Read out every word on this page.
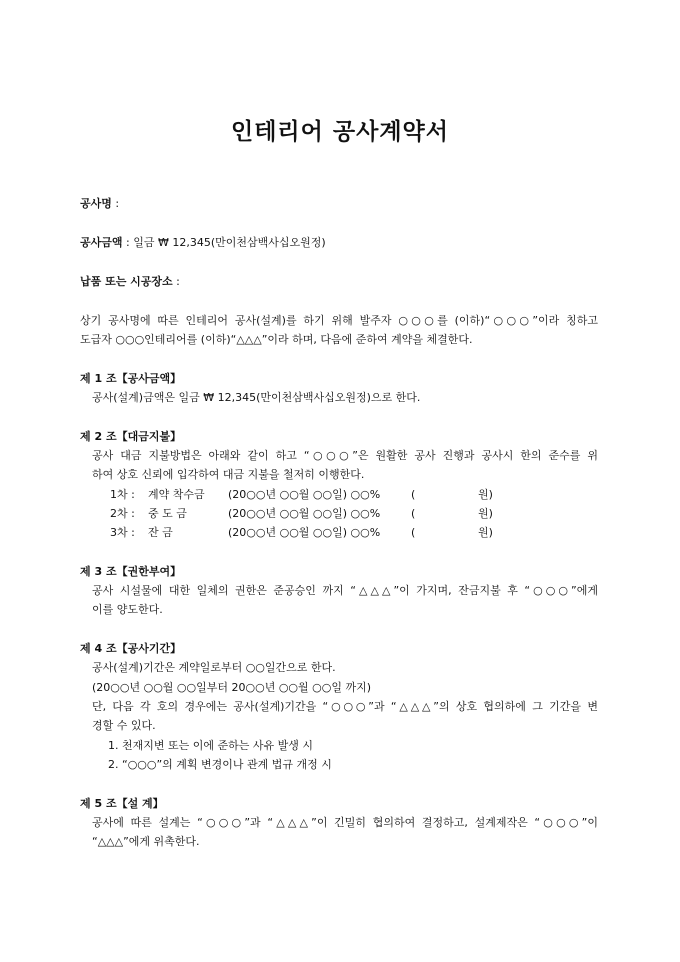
인테리어 공사계약서
공사명 :
공사금액 : 일금 ₩ 12,345(만이천삼백사십오원정)
납품 또는 시공장소 :
상기 공사명에 따른 인테리어 공사(설계)를 하기 위해 발주자 ○○○를 (이하)“○○○”이라 칭하고
도급자 ○○○인테리어를 (이하)“△△△”이라 하며, 다음에 준하여 계약을 체결한다.
제 1 조【공사금액】
공사(설계)금액은 일금 ₩ 12,345(만이천삼백사십오원정)으로 한다.
제 2 조【대금지불】
공사 대금 지불방법은 아래와 같이 하고 “○○○”은 원활한 공사 진행과 공사시 한의 준수를 위
하여 상호 신뢰에 입각하여 대금 지불을 철저히 이행한다.
1차 : 계약 착수금 (20○○년 ○○월 ○○일) ○○%	(	원)
2차 : 중 도 금	(20○○년 ○○월 ○○일) ○○%	(	원)
3차 : 잔 금	(20○○년 ○○월 ○○일) ○○%	(	원)
제 3 조【권한부여】
공사 시설물에 대한 일체의 권한은 준공승인 까지 “△△△”이 가지며, 잔금지불 후 “○○○”에게
이를 양도한다.
제 4 조【공사기간】
공사(설계)기간은 계약일로부터 ○○일간으로 한다.
(20○○년 ○○월 ○○일부터 20○○년 ○○월 ○○일 까지)
단, 다음 각 호의 경우에는 공사(설계)기간을 “○○○”과 “△△△”의 상호 협의하에 그 기간을 변
경할 수 있다.
1. 천재지변 또는 이에 준하는 사유 발생 시
2. “○○○”의 계획 변경이나 관계 법규 개정 시
제 5 조【설 계】
공사에 따른 설계는 “○○○”과 “△△△”이 긴밀히 협의하여 결정하고, 설계제작은 “○○○”이
“△△△”에게 위촉한다.
